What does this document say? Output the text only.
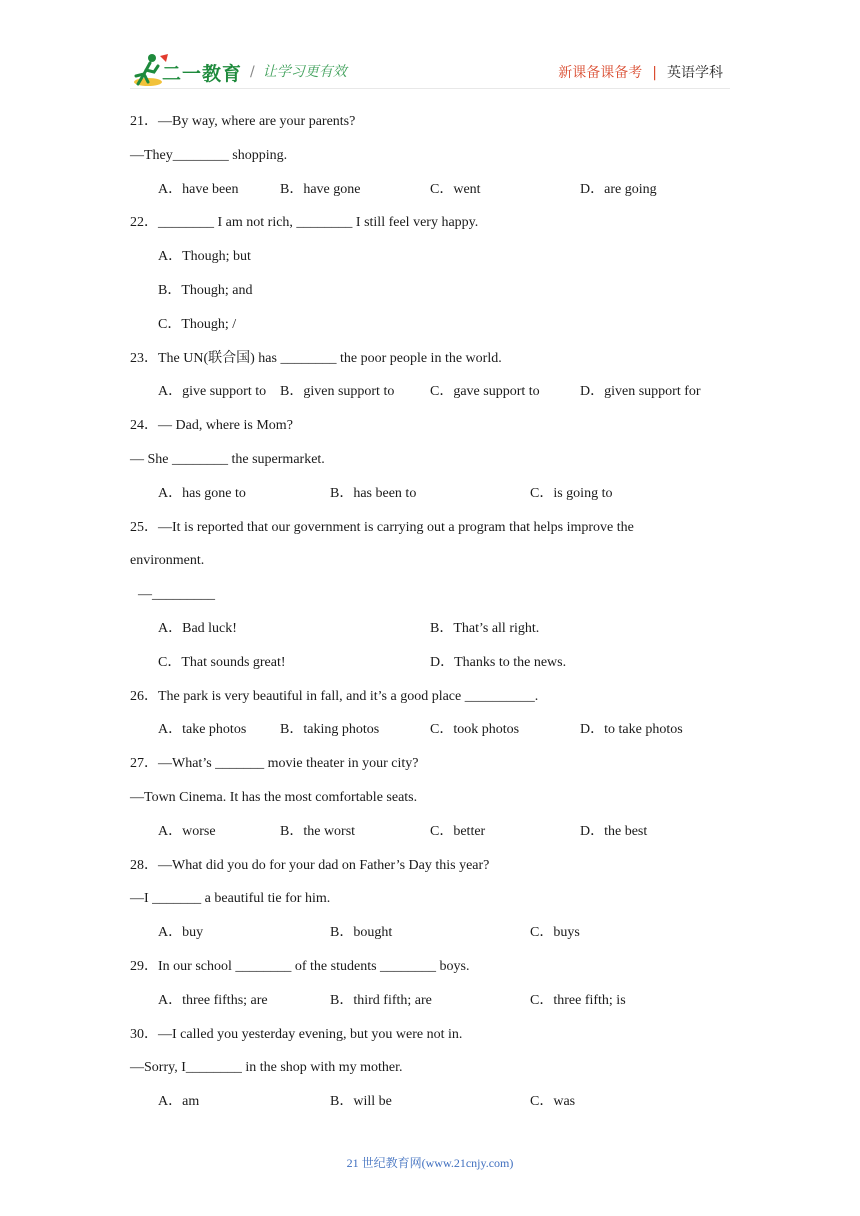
二一教育 / 让学习更有效	新课备课备考 | 英语学科
21．—By way, where are your parents?
—They________ shopping.
A．have been	B．have gone	C．went	D．are going
22．________ I am not rich, ________ I still feel very happy.
A．Though; but
B．Though; and
C．Though; /
23．The UN(联合国) has ________ the poor people in the world.
A．give support to B．given support to	C．gave support to	D．given support for
24．— Dad, where is Mom?
— She ________ the supermarket.
A．has gone to	B．has been to	C．is going to
25．—It is reported that our government is carrying out a program that helps improve the
environment.
—_________
A．Bad luck!	B．That’s all right.
C．That sounds great!	D．Thanks to the news.
26．The park is very beautiful in fall, and it’s a good place __________.
A．take photos B．taking photos	C．took photos	D．to take photos
27．—What’s _______ movie theater in your city?
—Town Cinema. It has the most comfortable seats.
A．worse	B．the worst	C．better	D．the best
28．—What did you do for your dad on Father’s Day this year?
—I _______ a beautiful tie for him.
A．buy	B．bought	C．buys
29．In our school ________ of the students ________ boys.
A．three fifths; are	B．third fifth; are	C．three fifth; is
30．—I called you yesterday evening, but you were not in.
—Sorry, I________ in the shop with my mother.
A．am	B．will be	C．was
21 世纪教育网(www.21cnjy.com)
